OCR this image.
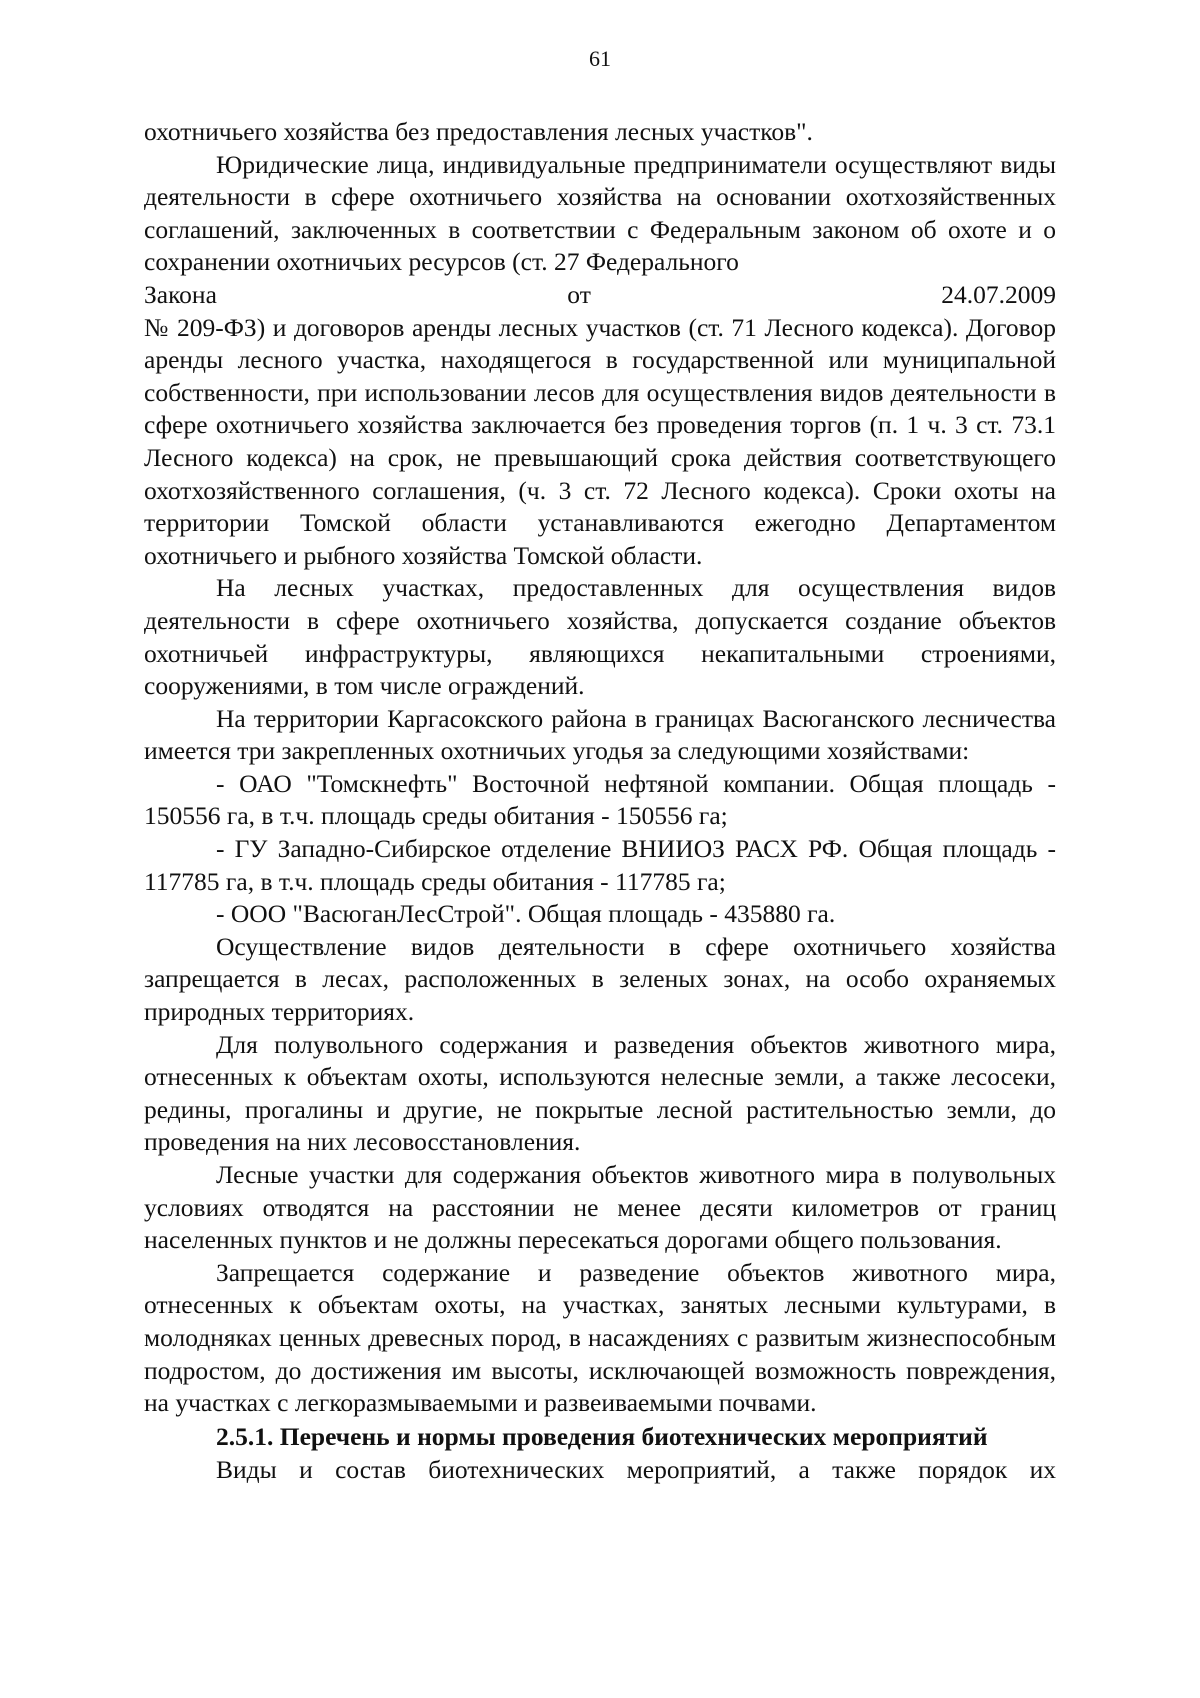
61

охотничьего хозяйства без предоставления лесных участков".

Юридические лица, индивидуальные предприниматели осуществляют виды деятельности в сфере охотничьего хозяйства на основании охотхозяйственных соглашений, заключенных в соответствии с Федеральным законом об охоте и о сохранении охотничьих ресурсов (ст. 27 Федерального

Закона	от	24.07.2009

№ 209-ФЗ) и договоров аренды лесных участков (ст. 71 Лесного кодекса). Договор аренды лесного участка, находящегося в государственной или муниципальной собственности, при использовании лесов для осуществления видов деятельности в сфере охотничьего хозяйства заключается без проведения торгов (п. 1 ч. 3 ст. 73.1 Лесного кодекса) на срок, не превышающий срока действия соответствующего охотхозяйственного соглашения, (ч. 3 ст. 72 Лесного кодекса). Сроки охоты на территории Томской области устанавливаются ежегодно Департаментом охотничьего и рыбного хозяйства Томской области.

На лесных участках, предоставленных для осуществления видов деятельности в сфере охотничьего хозяйства, допускается создание объектов охотничьей инфраструктуры, являющихся некапитальными строениями, сооружениями, в том числе ограждений.

На территории Каргасокского района в границах Васюганского лесничества имеется три закрепленных охотничьих угодья за следующими хозяйствами:

- ОАО "Томскнефть" Восточной нефтяной компании. Общая площадь - 150556 га, в т.ч. площадь среды обитания - 150556 га;

- ГУ Западно-Сибирское отделение ВНИИОЗ РАСХ РФ. Общая площадь - 117785 га, в т.ч. площадь среды обитания - 117785 га;

- ООО "ВасюганЛесСтрой". Общая площадь - 435880 га.

Осуществление видов деятельности в сфере охотничьего хозяйства запрещается в лесах, расположенных в зеленых зонах, на особо охраняемых природных территориях.

Для полувольного содержания и разведения объектов животного мира, отнесенных к объектам охоты, используются нелесные земли, а также лесосеки, редины, прогалины и другие, не покрытые лесной растительностью земли, до проведения на них лесовосстановления.

Лесные участки для содержания объектов животного мира в полувольных условиях отводятся на расстоянии не менее десяти километров от границ населенных пунктов и не должны пересекаться дорогами общего пользования.

Запрещается содержание и разведение объектов животного мира, отнесенных к объектам охоты, на участках, занятых лесными культурами, в молодняках ценных древесных пород, в насаждениях с развитым жизнеспособным подростом, до достижения им высоты, исключающей возможность повреждения, на участках с легкоразмываемыми и развеиваемыми почвами.

2.5.1. Перечень и нормы проведения биотехнических мероприятий

Виды и состав биотехнических мероприятий, а также порядок их
